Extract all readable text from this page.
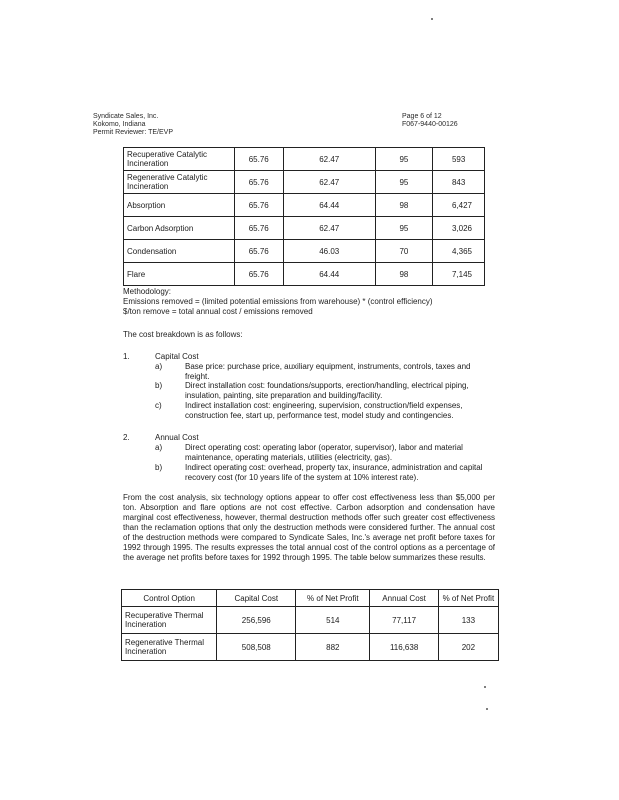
Syndicate Sales, Inc.
Kokomo, Indiana
Permit Reviewer: TE/EVP
Page 6 of 12
F067-9440-00126
Recuperative Catalytic Incineration	65.76	62.47	95	593
Regenerative Catalytic Incineration	65.76	62.47	95	843
Absorption	65.76	64.44	98	6,427
Carbon Adsorption	65.76	62.47	95	3,026
Condensation	65.76	46.03	70	4,365
Flare	65.76	64.44	98	7,145
Methodology:
Emissions removed = (limited potential emissions from warehouse) * (control efficiency)
$/ton remove = total annual cost / emissions removed
The cost breakdown is as follows:
1.	Capital Cost
a)	Base price: purchase price, auxiliary equipment, instruments, controls, taxes and freight.
b)	Direct installation cost: foundations/supports, erection/handling, electrical piping, insulation, painting, site preparation and building/facility.
c)	Indirect installation cost: engineering, supervision, construction/field expenses, construction fee, start up, performance test, model study and contingencies.
2.	Annual Cost
a)	Direct operating cost: operating labor (operator, supervisor), labor and material maintenance, operating materials, utilities (electricity, gas).
b)	Indirect operating cost: overhead, property tax, insurance, administration and capital recovery cost (for 10 years life of the system at 10% interest rate).
From the cost analysis, six technology options appear to offer cost effectiveness less than $5,000 per ton. Absorption and flare options are not cost effective. Carbon adsorption and condensation have marginal cost effectiveness, however, thermal destruction methods offer such greater cost effectiveness than the reclamation options that only the destruction methods were considered further. The annual cost of the destruction methods were compared to Syndicate Sales, Inc.'s average net profit before taxes for 1992 through 1995. The results expresses the total annual cost of the control options as a percentage of the average net profits before taxes for 1992 through 1995. The table below summarizes these results.
Control Option	Capital Cost	% of Net Profit	Annual Cost	% of Net Profit
Recuperative Thermal Incineration	256,596	514	77,117	133
Regenerative Thermal Incineration	508,508	882	116,638	202
